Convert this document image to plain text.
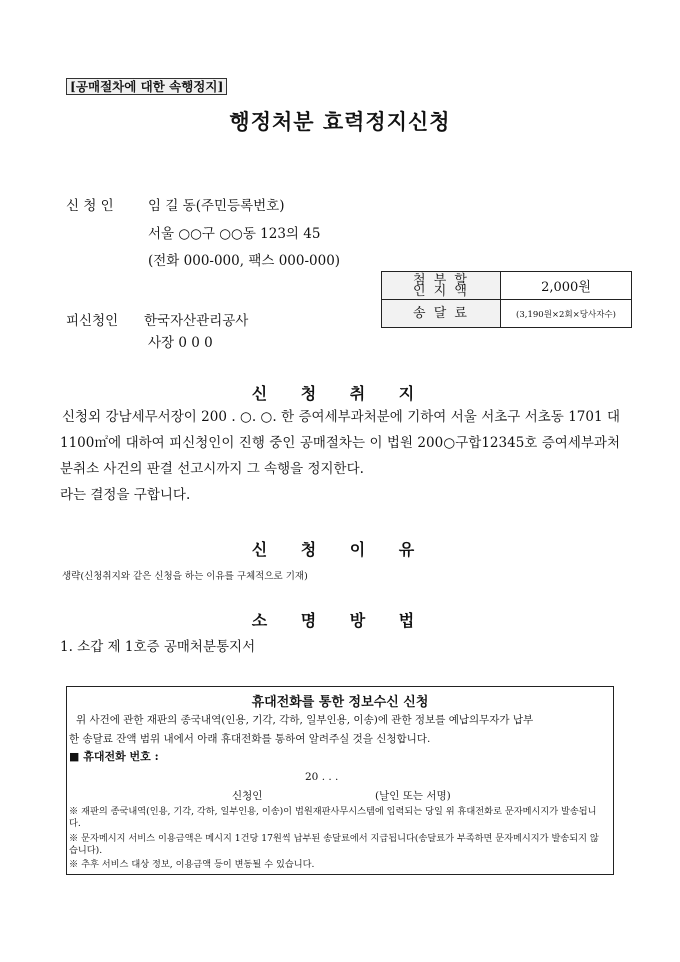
[공매절차에 대한 속행정지]
행정처분 효력정지신청
신 청 인	임 길 동(주민등록번호)
서울 ○○구 ○○동 123의 45
(전화 000-000, 팩스 000-000)
첨 부 할
인 지 액	2,000원
송 달 료	(3,190원×2회×당사자수)
피신청인 한국자산관리공사
사장 0 0 0
신 청 취 지
신청외 강남세무서장이 200 . ○. ○. 한 증여세부과처분에 기하여 서울 서초구 서초동 1701 대 1100㎡에 대하여 피신청인이 진행 중인 공매절차는 이 법원 200○구합12345호 증여세부과처분취소 사건의 판결 선고시까지 그 속행을 정지한다.
라는 결정을 구합니다.
신 청 이 유
생략(신청취지와 같은 신청을 하는 이유를 구체적으로 기재)
소 명 방 법
1. 소갑 제 1호증 공매처분통지서
휴대전화를 통한 정보수신 신청
위 사건에 관한 재판의 종국내역(인용, 기각, 각하, 일부인용, 이송)에 관한 정보를 예납의무자가 납부
한 송달료 잔액 범위 내에서 아래 휴대전화를 통하여 알려주실 것을 신청합니다.
■ 휴대전화 번호 :
20 . . .
신청인	(날인 또는 서명)
※ 재판의 종국내역(인용, 기각, 각하, 일부인용, 이송)이 법원재판사무시스템에 입력되는 당일 위 휴대전화로 문자메시지가 발송됩니다.
※ 문자메시지 서비스 이용금액은 메시지 1건당 17원씩 납부된 송달료에서 지급됩니다(송달료가 부족하면 문자메시지가 발송되지 않습니다).
※ 추후 서비스 대상 정보, 이용금액 등이 변동될 수 있습니다.
